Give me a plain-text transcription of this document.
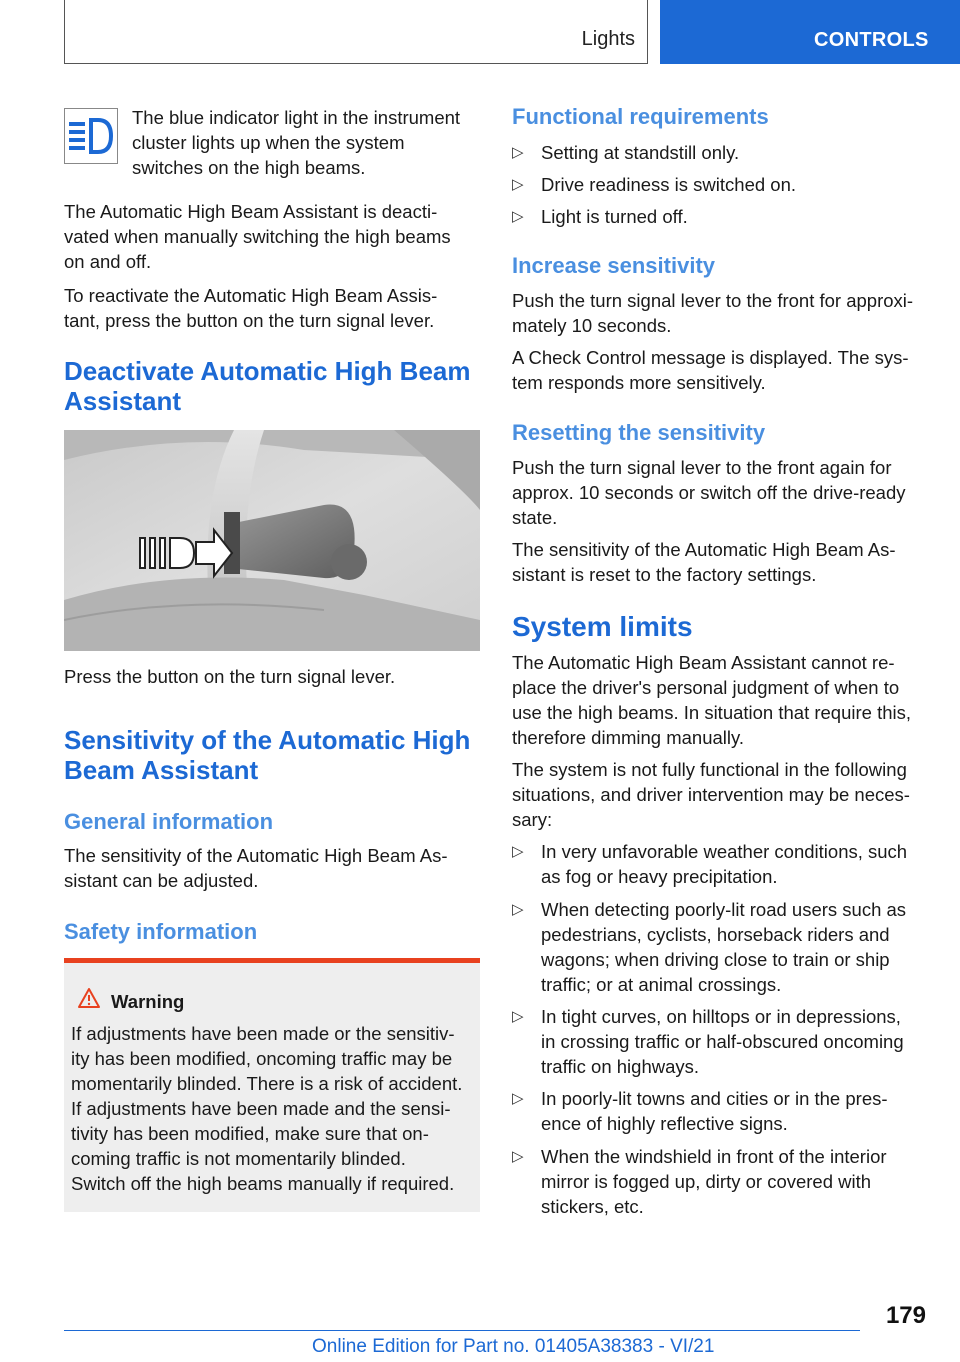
Lights	CONTROLS

The blue indicator light in the instrument

cluster lights up when the system

switches on the high beams.

The Automatic High Beam Assistant is deacti-

vated when manually switching the high beams

on and off.

To reactivate the Automatic High Beam Assis-

tant, press the button on the turn signal lever.

Deactivate Automatic High Beam
Assistant

Press the button on the turn signal lever.

Sensitivity of the Automatic High
Beam Assistant
General information

The sensitivity of the Automatic High Beam As-

sistant can be adjusted.

Safety information

Warning

If adjustments have been made or the sensitiv-

ity has been modified, oncoming traffic may be

momentarily blinded. There is a risk of accident.

If adjustments have been made and the sensi-

tivity has been modified, make sure that on-

coming traffic is not momentarily blinded.

Switch off the high beams manually if required.

Functional requirements
▷ Setting at standstill only.
▷ Drive readiness is switched on.
▷ Light is turned off.
Increase sensitivity

Push the turn signal lever to the front for approxi-

mately 10 seconds.

A Check Control message is displayed. The sys-

tem responds more sensitively.

Resetting the sensitivity

Push the turn signal lever to the front again for

approx. 10 seconds or switch off the drive-ready

state.

The sensitivity of the Automatic High Beam As-

sistant is reset to the factory settings.

System limits

The Automatic High Beam Assistant cannot re-

place the driver's personal judgment of when to

use the high beams. In situation that require this,

therefore dimming manually.

The system is not fully functional in the following

situations, and driver intervention may be neces-

sary:

▷ In very unfavorable weather conditions, such

as fog or heavy precipitation.

▷ When detecting poorly-lit road users such as

pedestrians, cyclists, horseback riders and

wagons; when driving close to train or ship

traffic; or at animal crossings.

▷ In tight curves, on hilltops or in depressions,

in crossing traffic or half-obscured oncoming

traffic on highways.

▷ In poorly-lit towns and cities or in the pres-

ence of highly reflective signs.

▷ When the windshield in front of the interior

mirror is fogged up, dirty or covered with

stickers, etc.

179
Online Edition for Part no. 01405A38383 - VI/21
